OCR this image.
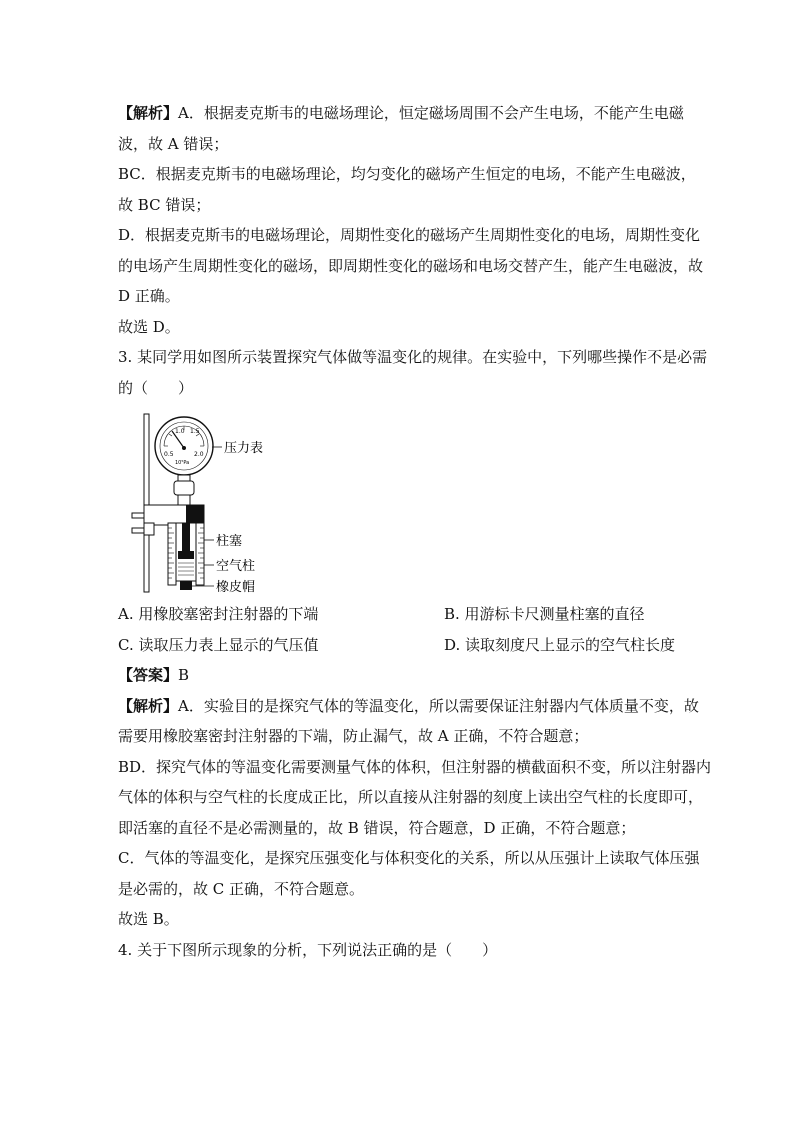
【解析】A．根据麦克斯韦的电磁场理论，恒定磁场周围不会产生电场，不能产生电磁
波，故 A 错误；
BC．根据麦克斯韦的电磁场理论，均匀变化的磁场产生恒定的电场，不能产生电磁波，
故 BC 错误；
D．根据麦克斯韦的电磁场理论，周期性变化的磁场产生周期性变化的电场，周期性变化
的电场产生周期性变化的磁场，即周期性变化的磁场和电场交替产生，能产生电磁波，故
D 正确。
故选 D。
3. 某同学用如图所示装置探究气体做等温变化的规律。在实验中，下列哪些操作不是必需
的（　　）
0.5
1.0 1.5
2.0
10⁵Pa
压力表
柱塞
空气柱
橡皮帽
A. 用橡胶塞密封注射器的下端	B. 用游标卡尺测量柱塞的直径
C. 读取压力表上显示的气压值	D. 读取刻度尺上显示的空气柱长度
【答案】B
【解析】A．实验目的是探究气体的等温变化，所以需要保证注射器内气体质量不变，故
需要用橡胶塞密封注射器的下端，防止漏气，故 A 正确，不符合题意；
BD．探究气体的等温变化需要测量气体的体积，但注射器的横截面积不变，所以注射器内
气体的体积与空气柱的长度成正比，所以直接从注射器的刻度上读出空气柱的长度即可，
即活塞的直径不是必需测量的，故 B 错误，符合题意，D 正确，不符合题意；
C．气体的等温变化，是探究压强变化与体积变化的关系，所以从压强计上读取气体压强
是必需的，故 C 正确，不符合题意。
故选 B。
4. 关于下图所示现象的分析，下列说法正确的是（　　）
